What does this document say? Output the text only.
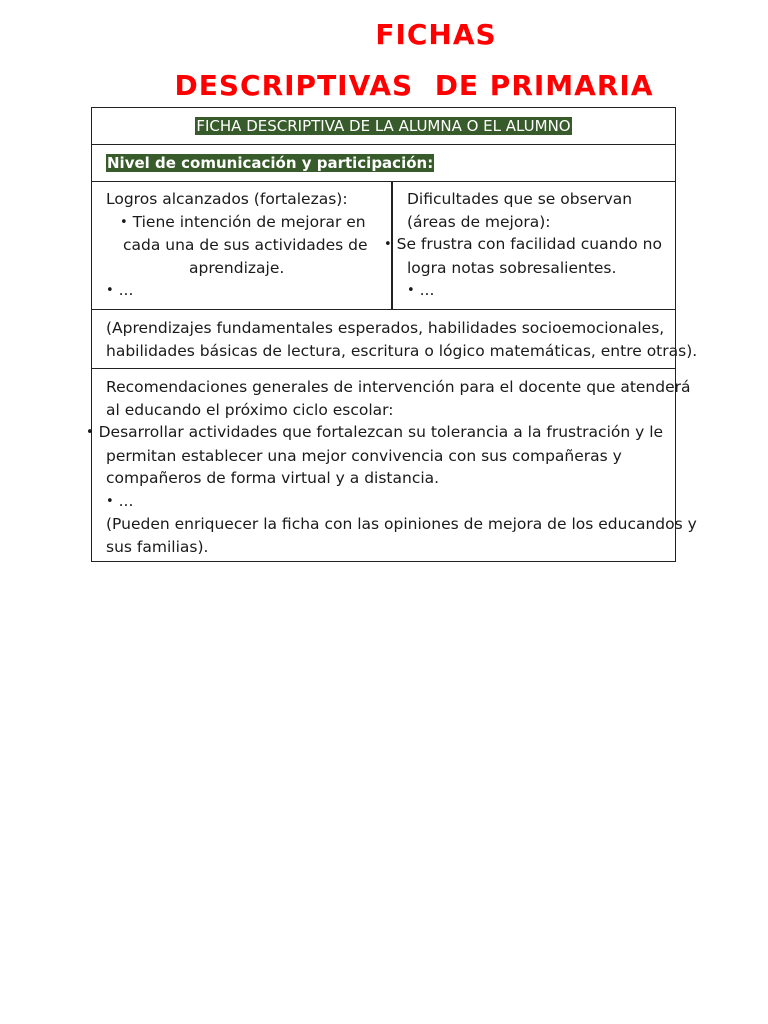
FICHAS
DESCRIPTIVAS  DE PRIMARIA
FICHA DESCRIPTIVA DE LA ALUMNA O EL ALUMNO
Nivel de comunicación y participación:
Logros alcanzados (fortalezas):
• Tiene intención de mejorar en
cada una de sus actividades de
aprendizaje.
• ...
Dificultades que se observan
(áreas de mejora):
• Se frustra con facilidad cuando no
logra notas sobresalientes.
• ...
(Aprendizajes fundamentales esperados, habilidades socioemocionales,
habilidades básicas de lectura, escritura o lógico matemáticas, entre otras).
Recomendaciones generales de intervención para el docente que atenderá
al educando el próximo ciclo escolar:
• Desarrollar actividades que fortalezcan su tolerancia a la frustración y le
permitan establecer una mejor convivencia con sus compañeras y
compañeros de forma virtual y a distancia.
• ...
(Pueden enriquecer la ficha con las opiniones de mejora de los educandos y
sus familias).
